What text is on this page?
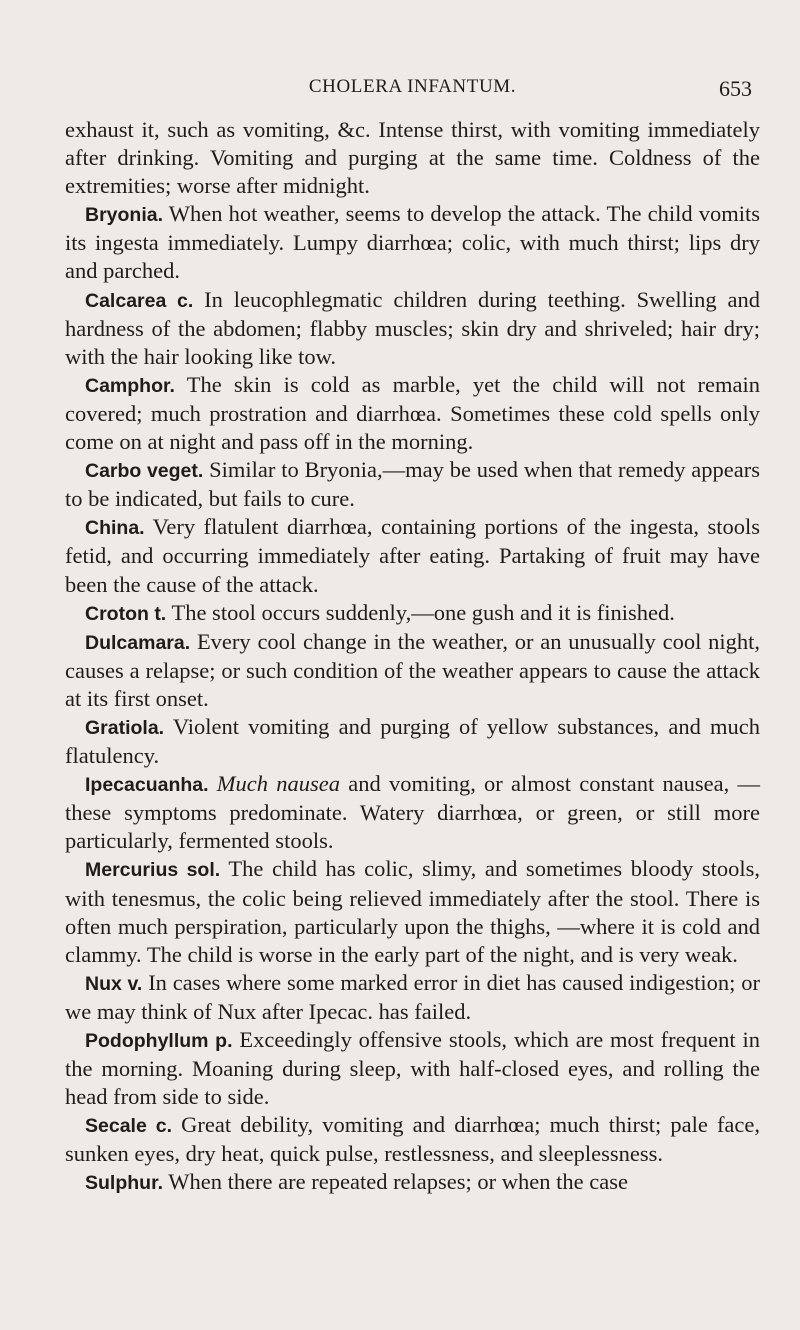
CHOLERA INFANTUM.	653

exhaust it, such as vomiting, &c. Intense thirst, with vomiting immediately after drinking. Vomiting and purging at the same time. Coldness of the extremities; worse after midnight.

Bryonia. When hot weather, seems to develop the attack. The child vomits its ingesta immediately. Lumpy diarrhœa; colic, with much thirst; lips dry and parched.

Calcarea c. In leucophlegmatic children during teething. Swelling and hardness of the abdomen; flabby muscles; skin dry and shriveled; hair dry; with the hair looking like tow.

Camphor. The skin is cold as marble, yet the child will not remain covered; much prostration and diarrhœa. Sometimes these cold spells only come on at night and pass off in the morning.

Carbo veget. Similar to Bryonia,—may be used when that remedy appears to be indicated, but fails to cure.

China. Very flatulent diarrhœa, containing portions of the ingesta, stools fetid, and occurring immediately after eating. Partaking of fruit may have been the cause of the attack.

Croton t. The stool occurs suddenly,—one gush and it is finished.

Dulcamara. Every cool change in the weather, or an unusually cool night, causes a relapse; or such condition of the weather appears to cause the attack at its first onset.

Gratiola. Violent vomiting and purging of yellow substances, and much flatulency.

Ipecacuanha. Much nausea and vomiting, or almost constant nausea, —these symptoms predominate. Watery diarrhœa, or green, or still more particularly, fermented stools.

Mercurius sol. The child has colic, slimy, and sometimes bloody stools, with tenesmus, the colic being relieved immediately after the stool. There is often much perspiration, particularly upon the thighs, —where it is cold and clammy. The child is worse in the early part of the night, and is very weak.

Nux v. In cases where some marked error in diet has caused indigestion; or we may think of Nux after Ipecac. has failed.

Podophyllum p. Exceedingly offensive stools, which are most frequent in the morning. Moaning during sleep, with half-closed eyes, and rolling the head from side to side.

Secale c. Great debility, vomiting and diarrhœa; much thirst; pale face, sunken eyes, dry heat, quick pulse, restlessness, and sleeplessness.

Sulphur. When there are repeated relapses; or when the case
